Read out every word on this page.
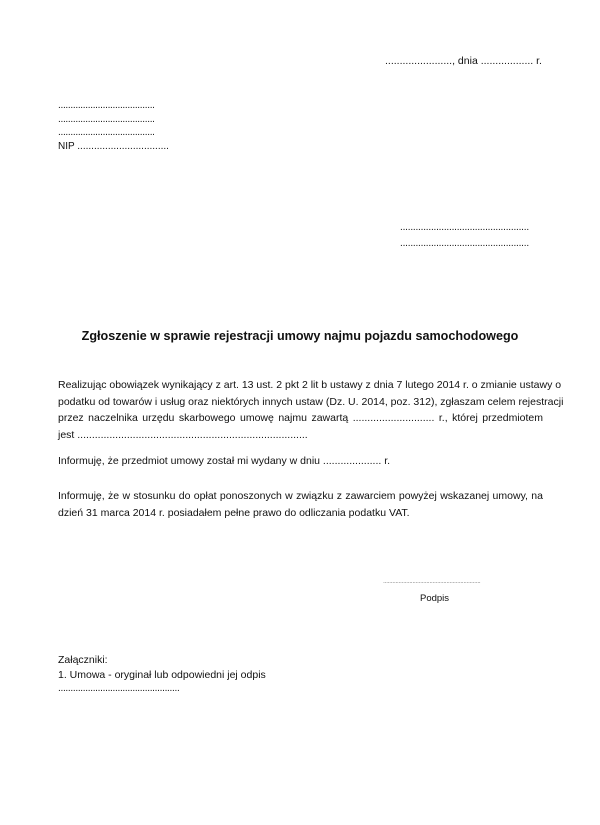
......................., dnia .................. r.
.......................................
.......................................
.......................................
NIP .................................
..................................................
..................................................
Zgłoszenie w sprawie rejestracji umowy najmu pojazdu samochodowego
Realizując obowiązek wynikający z art. 13 ust. 2 pkt 2 lit b ustawy z dnia 7 lutego 2014 r. o zmianie ustawy o
podatku od towarów i usług oraz niektórych innych ustaw (Dz. U. 2014, poz. 312), zgłaszam celem rejestracji
przez naczelnika urzędu skarbowego umowę najmu zawartą ............................ r., której przedmiotem
jest ...............................................................................
Informuję, że przedmiot umowy został mi wydany w dniu .................... r.
Informuję, że w stosunku do opłat ponoszonych w związku z zawarciem powyżej wskazanej umowy, na dzień 31 marca 2014 r. posiadałem pełne prawo do odliczania podatku VAT.
...............................................................
Podpis
Załączniki:
1. Umowa - oryginał lub odpowiedni jej odpis
.................................................
